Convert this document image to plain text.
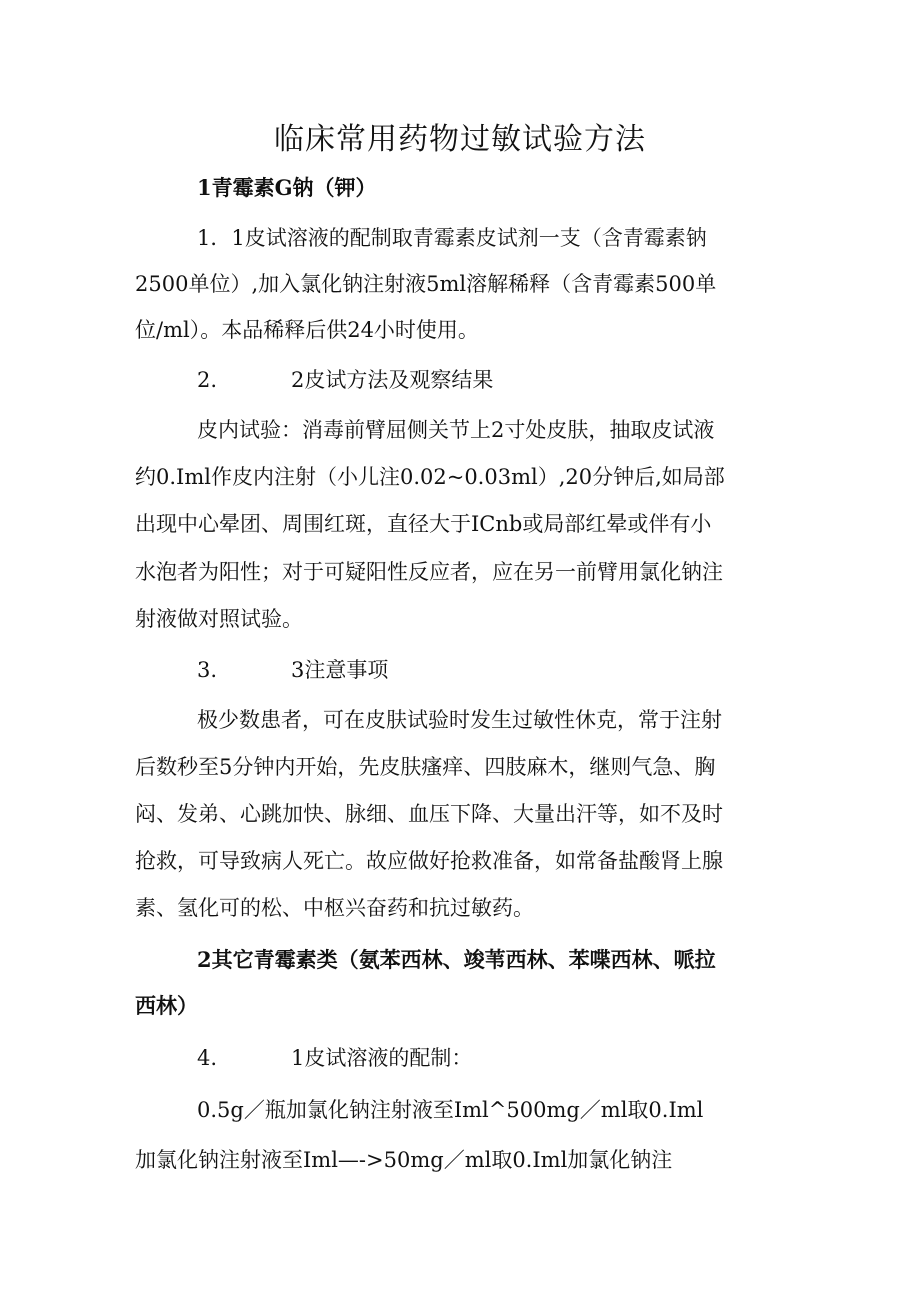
临床常用药物过敏试验方法

1青霉素G钠（钾）

1．1皮试溶液的配制取青霉素皮试剂一支（含青霉素钠

2500单位）,加入氯化钠注射液5ml溶解稀释（含青霉素500单

位/ml）。本品稀释后供24小时使用。

2.	2皮试方法及观察结果

皮内试验：消毒前臂屈侧关节上2寸处皮肤，抽取皮试液

约0.Iml作皮内注射（小儿注0.02~0.03ml）,20分钟后,如局部

出现中心晕团、周围红斑，直径大于ICnb或局部红晕或伴有小

水泡者为阳性；对于可疑阳性反应者，应在另一前臂用氯化钠注

射液做对照试验。

3.	3注意事项

极少数患者，可在皮肤试验时发生过敏性休克，常于注射

后数秒至5分钟内开始，先皮肤瘙痒、四肢麻木，继则气急、胸

闷、发弟、心跳加快、脉细、血压下降、大量出汗等，如不及时

抢救，可导致病人死亡。故应做好抢救准备，如常备盐酸肾上腺

素、氢化可的松、中枢兴奋药和抗过敏药。

2其它青霉素类（氨苯西林、竣苇西林、苯喋西林、哌拉

西林）

4.	1皮试溶液的配制：

0.5g／瓶加氯化钠注射液至Iml^500mg／ml取0.Iml

加氯化钠注射液至Iml—->50mg／ml取0.Iml加氯化钠注
